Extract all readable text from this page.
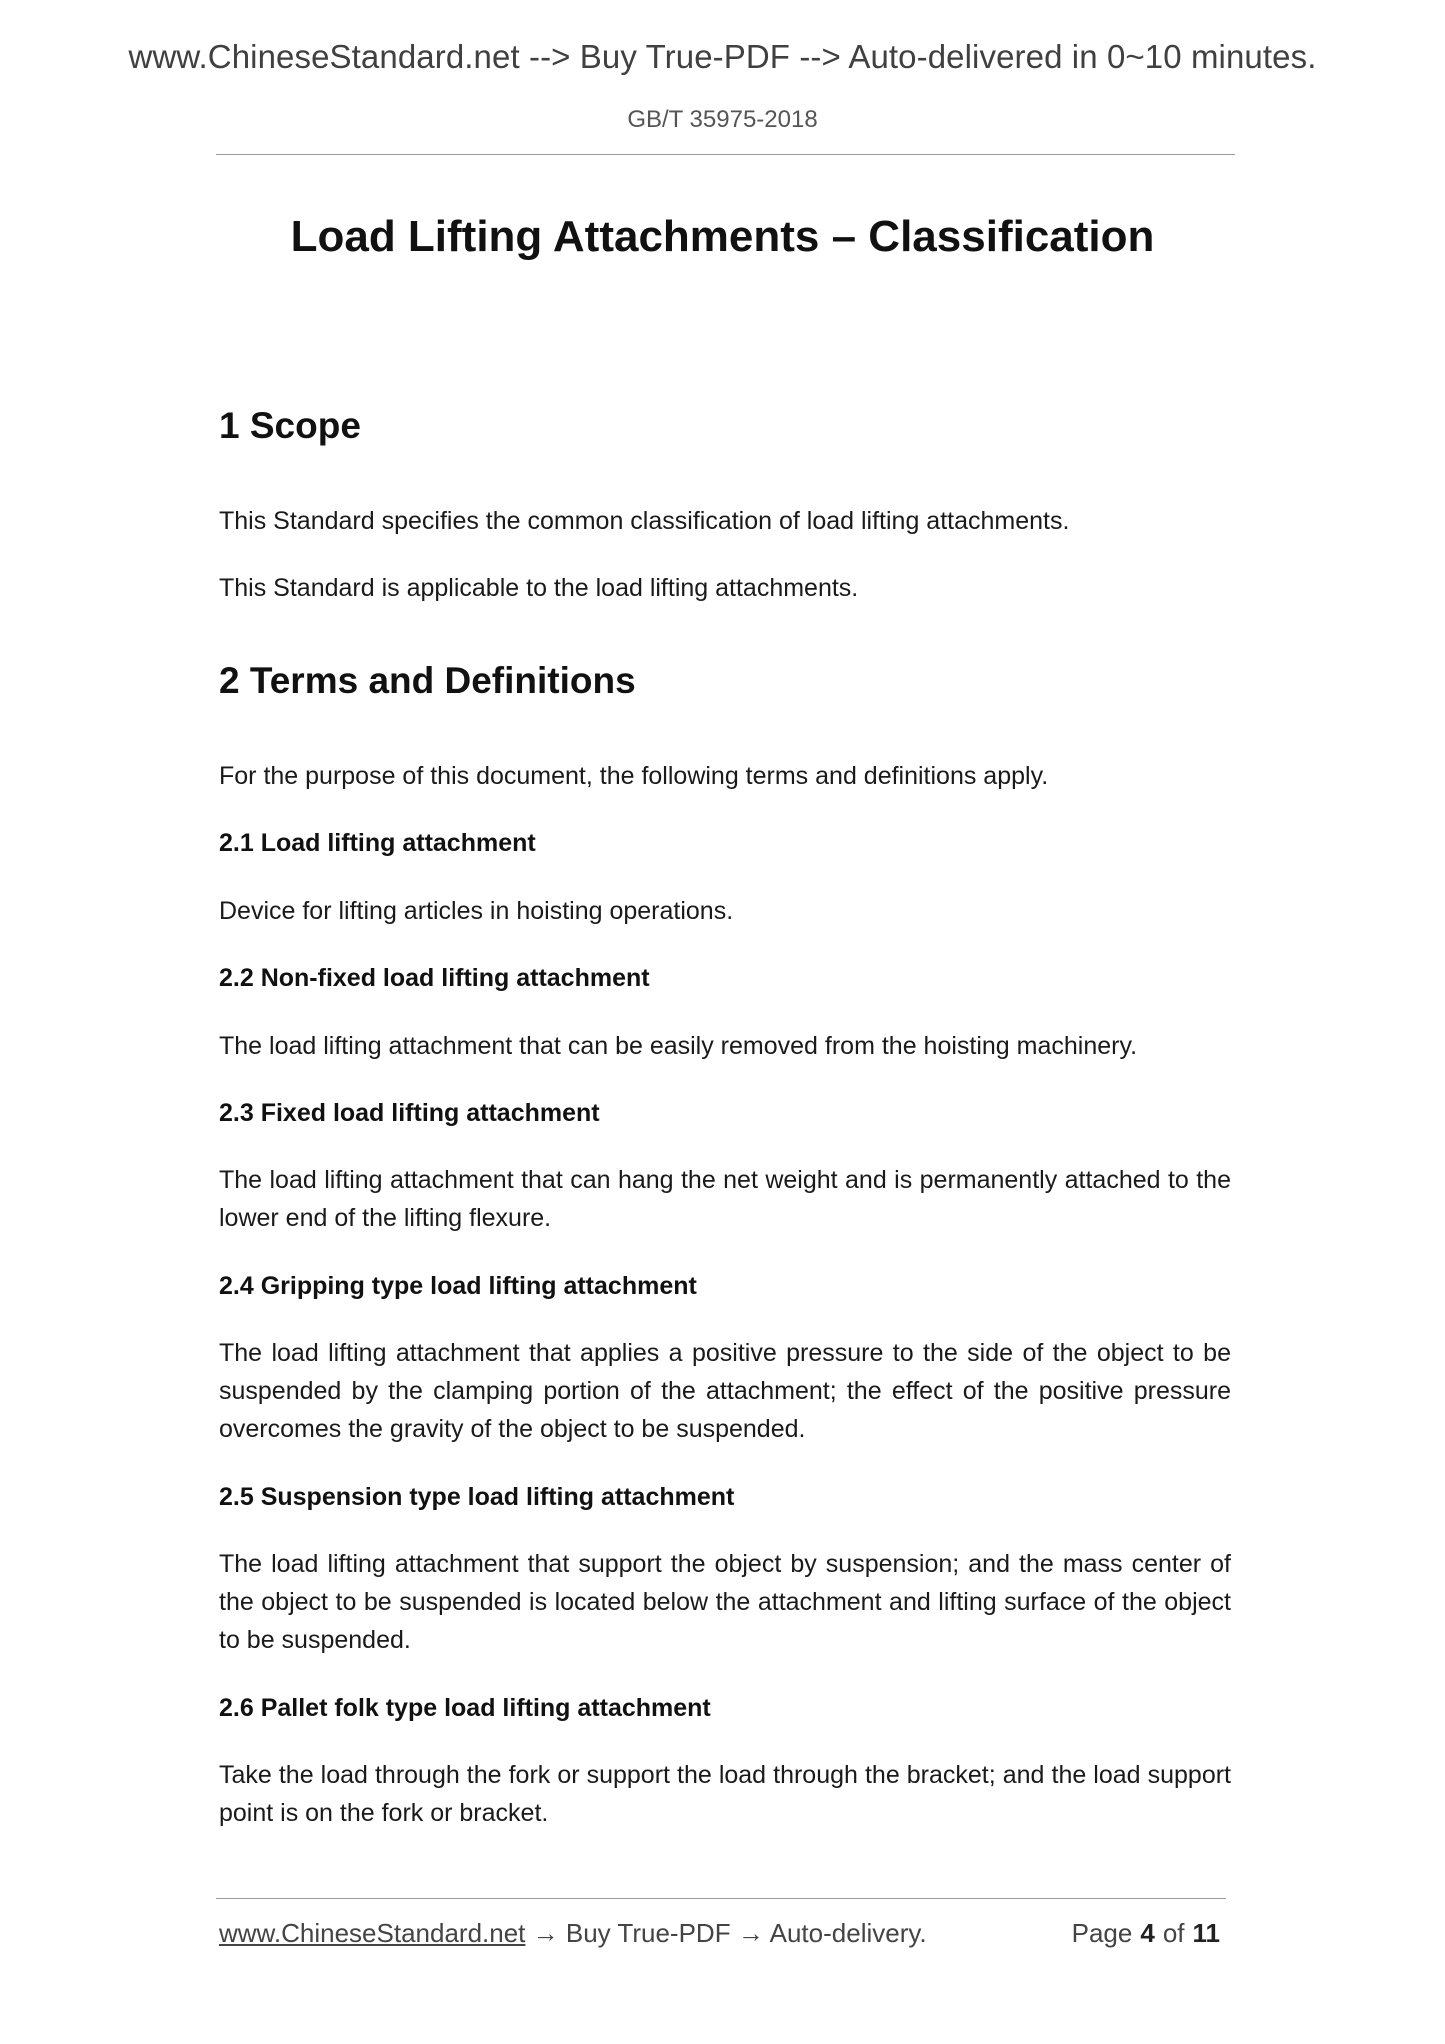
www.ChineseStandard.net --> Buy True-PDF --> Auto-delivered in 0~10 minutes.
GB/T 35975-2018
Load Lifting Attachments – Classification
1 Scope
This Standard specifies the common classification of load lifting attachments.
This Standard is applicable to the load lifting attachments.
2 Terms and Definitions
For the purpose of this document, the following terms and definitions apply.
2.1 Load lifting attachment
Device for lifting articles in hoisting operations.
2.2 Non-fixed load lifting attachment
The load lifting attachment that can be easily removed from the hoisting machinery.
2.3 Fixed load lifting attachment
The load lifting attachment that can hang the net weight and is permanently attached to the lower end of the lifting flexure.
2.4 Gripping type load lifting attachment
The load lifting attachment that applies a positive pressure to the side of the object to be suspended by the clamping portion of the attachment; the effect of the positive pressure overcomes the gravity of the object to be suspended.
2.5 Suspension type load lifting attachment
The load lifting attachment that support the object by suspension; and the mass center of the object to be suspended is located below the attachment and lifting surface of the object to be suspended.
2.6 Pallet folk type load lifting attachment
Take the load through the fork or support the load through the bracket; and the load support point is on the fork or bracket.
www.ChineseStandard.net → Buy True-PDF → Auto-delivery.	Page 4 of 11
